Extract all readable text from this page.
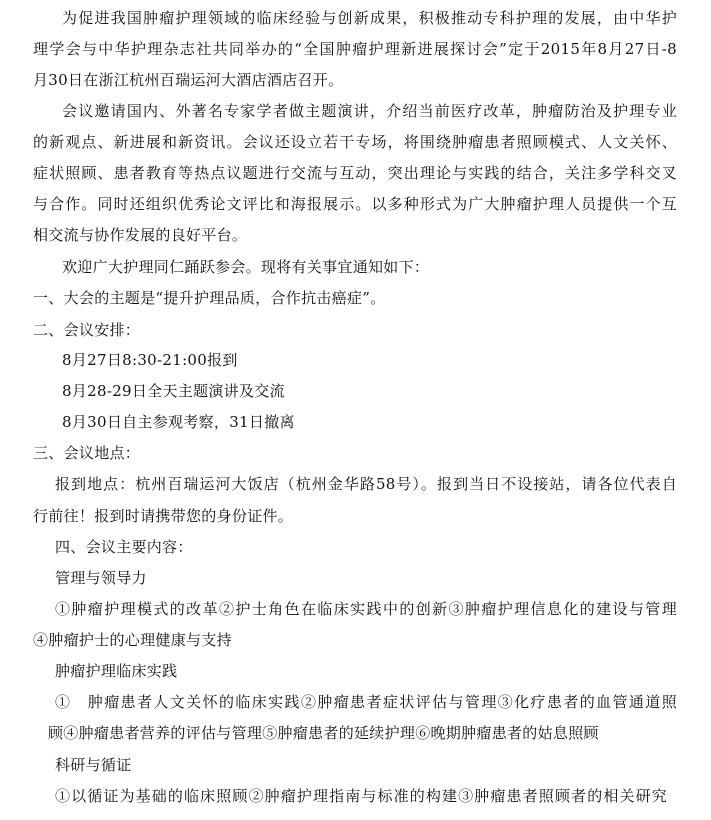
为促进我国肿瘤护理领域的临床经验与创新成果，积极推动专科护理的发展，由中华护
理学会与中华护理杂志社共同举办的“全国肿瘤护理新进展探讨会”定于2015年8月27日-8
月30日在浙江杭州百瑞运河大酒店酒店召开。
会议邀请国内、外著名专家学者做主题演讲，介绍当前医疗改革，肿瘤防治及护理专业
的新观点、新进展和新资讯。会议还设立若干专场，将围绕肿瘤患者照顾模式、人文关怀、
症状照顾、患者教育等热点议题进行交流与互动，突出理论与实践的结合，关注多学科交叉
与合作。同时还组织优秀论文评比和海报展示。以多种形式为广大肿瘤护理人员提供一个互
相交流与协作发展的良好平台。
欢迎广大护理同仁踊跃参会。现将有关事宜通知如下：
一、大会的主题是“提升护理品质，合作抗击癌症”。
二、会议安排：
8月27日8:30-21:00报到
8月28-29日全天主题演讲及交流
8月30日自主参观考察，31日撤离
三、会议地点：
报到地点：杭州百瑞运河大饭店（杭州金华路58号）。报到当日不设接站，请各位代表自
行前往！报到时请携带您的身份证件。
四、会议主要内容：
管理与领导力
①肿瘤护理模式的改革②护士角色在临床实践中的创新③肿瘤护理信息化的建设与管理
④肿瘤护士的心理健康与支持
肿瘤护理临床实践
①　肿瘤患者人文关怀的临床实践②肿瘤患者症状评估与管理③化疗患者的血管通道照
顾④肿瘤患者营养的评估与管理⑤肿瘤患者的延续护理⑥晚期肿瘤患者的姑息照顾
科研与循证
①以循证为基础的临床照顾②肿瘤护理指南与标准的构建③肿瘤患者照顾者的相关研究
